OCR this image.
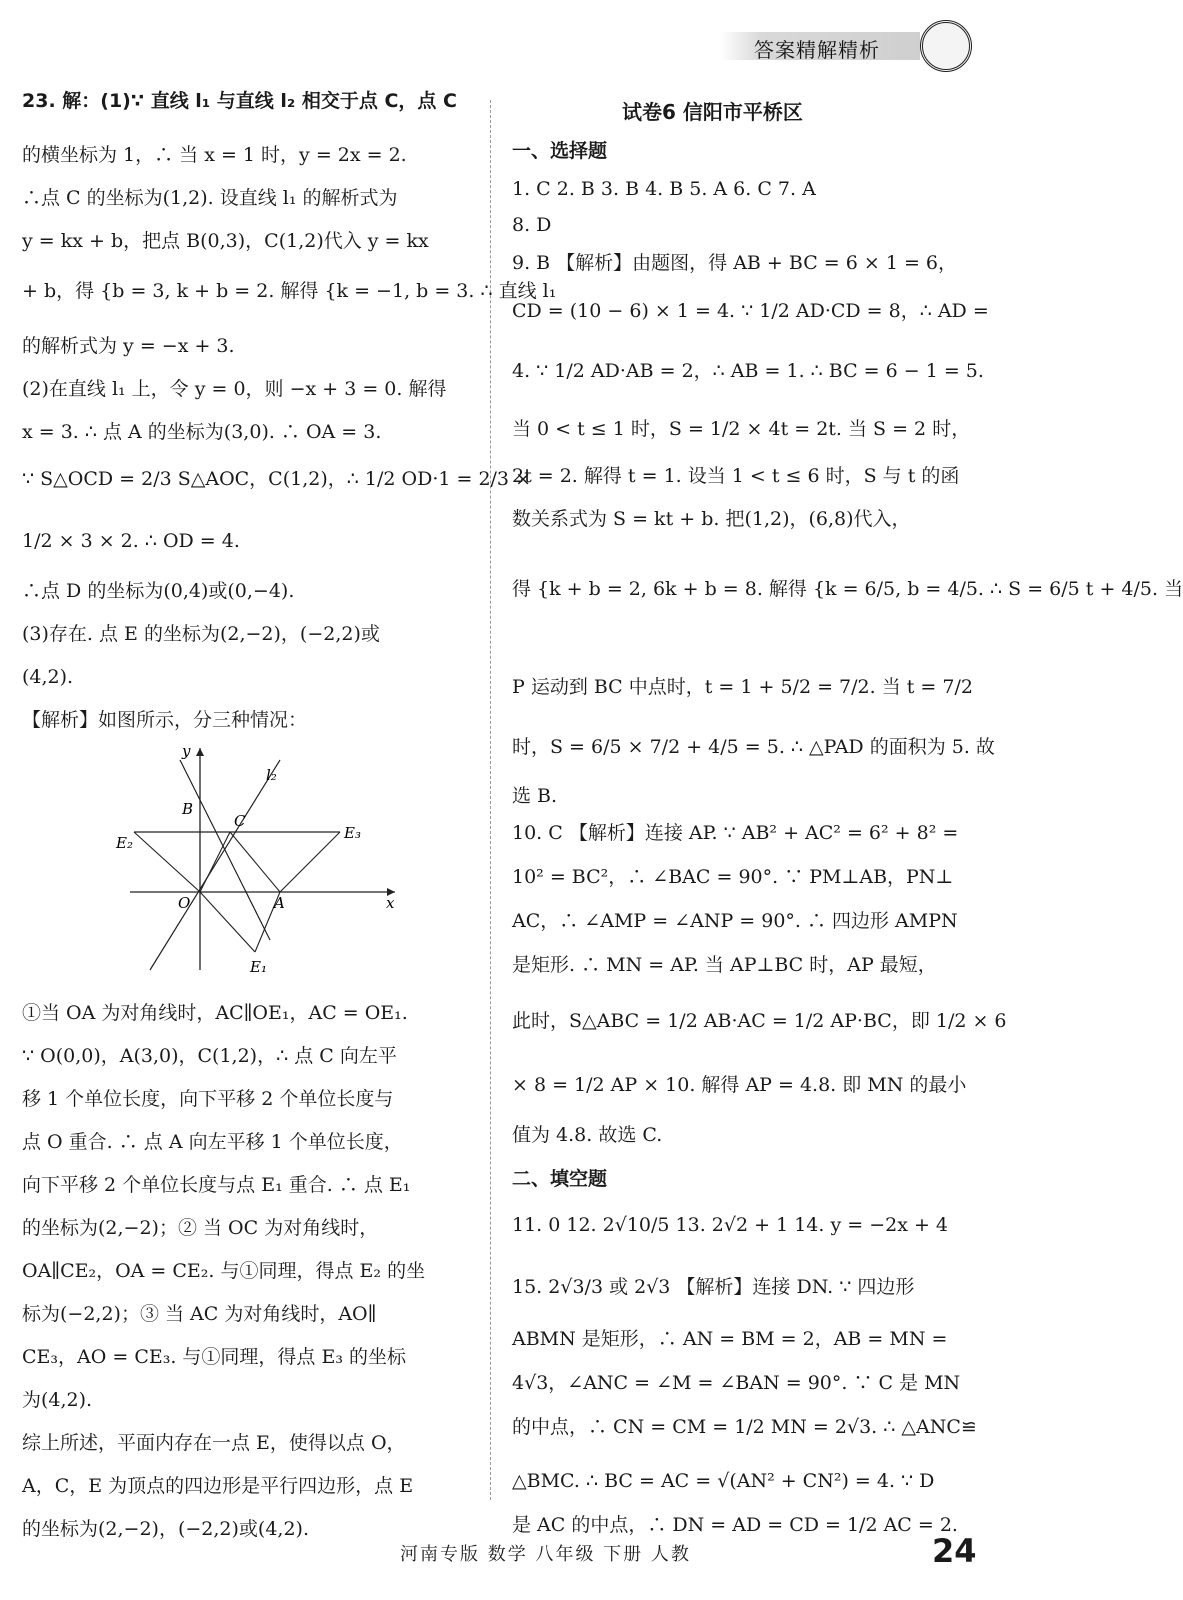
答案精解精析
23. 解：(1)∵ 直线 l₁ 与直线 l₂ 相交于点 C，点 C
的横坐标为 1，∴ 当 x = 1 时，y = 2x = 2.
∴点 C 的坐标为(1,2). 设直线 l₁ 的解析式为
y = kx + b，把点 B(0,3)，C(1,2)代入 y = kx
+ b，得 {b = 3, k + b = 2. 解得 {k = −1, b = 3. ∴ 直线 l₁
的解析式为 y = −x + 3.
(2)在直线 l₁ 上，令 y = 0，则 −x + 3 = 0. 解得
x = 3. ∴ 点 A 的坐标为(3,0). ∴ OA = 3.
∵ S△OCD = 2/3 S△AOC，C(1,2)，∴ 1/2 OD·1 = 2/3 ×
1/2 × 3 × 2. ∴ OD = 4.
∴点 D 的坐标为(0,4)或(0,−4).
(3)存在. 点 E 的坐标为(2,−2)，(−2,2)或
(4,2).
【解析】如图所示，分三种情况：
①当 OA 为对角线时，AC∥OE₁，AC = OE₁.
∵ O(0,0)，A(3,0)，C(1,2)，∴ 点 C 向左平
移 1 个单位长度，向下平移 2 个单位长度与
点 O 重合. ∴ 点 A 向左平移 1 个单位长度，
向下平移 2 个单位长度与点 E₁ 重合. ∴ 点 E₁
的坐标为(2,−2)；② 当 OC 为对角线时，
OA∥CE₂，OA = CE₂. 与①同理，得点 E₂ 的坐
标为(−2,2)；③ 当 AC 为对角线时，AO∥
CE₃，AO = CE₃. 与①同理，得点 E₃ 的坐标
为(4,2).
综上所述，平面内存在一点 E，使得以点 O，
A，C，E 为顶点的四边形是平行四边形，点 E
的坐标为(2,−2)，(−2,2)或(4,2).
y
l₂
B
C
E₂
E₃
O	A	x
E₁
试卷6 信阳市平桥区
一、选择题
1. C 2. B 3. B 4. B 5. A 6. C 7. A
8. D
9. B 【解析】由题图，得 AB + BC = 6 × 1 = 6，
CD = (10 − 6) × 1 = 4. ∵ 1/2 AD·CD = 8，∴ AD =
4. ∵ 1/2 AD·AB = 2，∴ AB = 1. ∴ BC = 6 − 1 = 5.
当 0 < t ≤ 1 时，S = 1/2 × 4t = 2t. 当 S = 2 时，
2t = 2. 解得 t = 1. 设当 1 < t ≤ 6 时，S 与 t 的函
数关系式为 S = kt + b. 把(1,2)，(6,8)代入，
得 {k + b = 2, 6k + b = 8. 解得 {k = 6/5, b = 4/5. ∴ S = 6/5 t + 4/5. 当
P 运动到 BC 中点时，t = 1 + 5/2 = 7/2. 当 t = 7/2
时，S = 6/5 × 7/2 + 4/5 = 5. ∴ △PAD 的面积为 5. 故
选 B.
10. C 【解析】连接 AP. ∵ AB² + AC² = 6² + 8² =
10² = BC²，∴ ∠BAC = 90°. ∵ PM⊥AB，PN⊥
AC，∴ ∠AMP = ∠ANP = 90°. ∴ 四边形 AMPN
是矩形. ∴ MN = AP. 当 AP⊥BC 时，AP 最短，
此时，S△ABC = 1/2 AB·AC = 1/2 AP·BC，即 1/2 × 6
× 8 = 1/2 AP × 10. 解得 AP = 4.8. 即 MN 的最小
值为 4.8. 故选 C.
二、填空题
11. 0 12. 2√10/5 13. 2√2 + 1 14. y = −2x + 4
15. 2√3/3 或 2√3 【解析】连接 DN. ∵ 四边形
ABMN 是矩形，∴ AN = BM = 2，AB = MN =
4√3，∠ANC = ∠M = ∠BAN = 90°. ∵ C 是 MN
的中点，∴ CN = CM = 1/2 MN = 2√3. ∴ △ANC≌
△BMC. ∴ BC = AC = √(AN² + CN²) = 4. ∵ D
是 AC 的中点，∴ DN = AD = CD = 1/2 AC = 2.
河南专版 数学 八年级 下册 人教	24
